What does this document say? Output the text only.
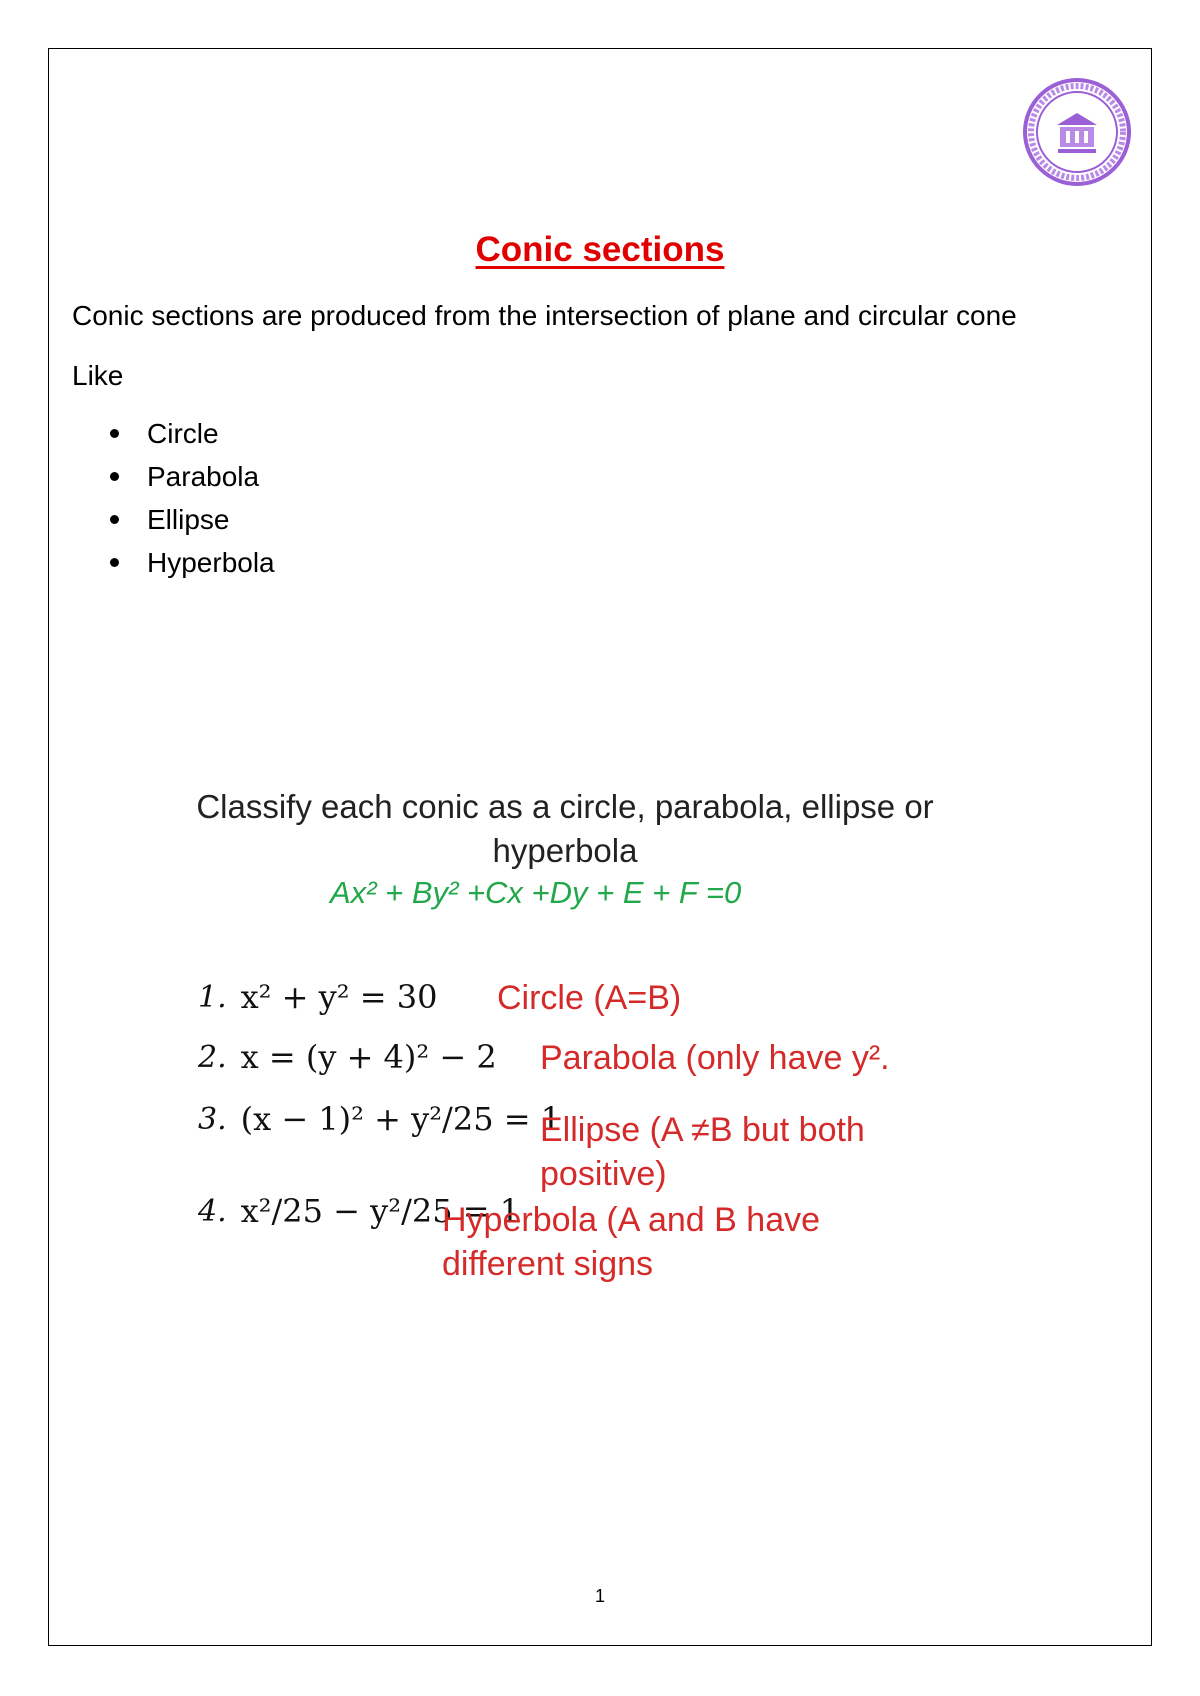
Conic sections
Conic sections are produced from the intersection of plane and circular cone
Like
Circle
Parabola
Ellipse
Hyperbola
Classify each conic as a circle, parabola, ellipse or hyperbola
Ax² + By² +Cx +Dy + E + F =0
1. x² + y² = 30 Circle (A=B)
2. x = (y + 4)² − 2 Parabola (only have y².
3. (x − 1)² + y²/25 = 1
Ellipse (A ≠B but both positive)
4. x²/25 − y²/25 = 1
Hyperbola (A and B have different signs
1
